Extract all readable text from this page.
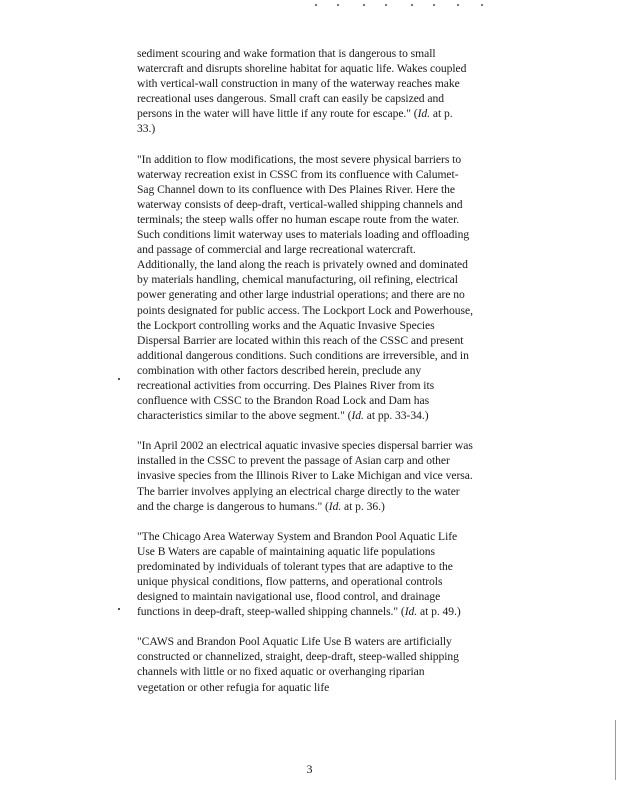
sediment scouring and wake formation that is dangerous to small watercraft and disrupts shoreline habitat for aquatic life. Wakes coupled with vertical-wall construction in many of the waterway reaches make recreational uses dangerous. Small craft can easily be capsized and persons in the water will have little if any route for escape." (Id. at p. 33.)

"In addition to flow modifications, the most severe physical barriers to waterway recreation exist in CSSC from its confluence with Calumet-Sag Channel down to its confluence with Des Plaines River. Here the waterway consists of deep-draft, vertical-walled shipping channels and terminals; the steep walls offer no human escape route from the water. Such conditions limit waterway uses to materials loading and offloading and passage of commercial and large recreational watercraft. Additionally, the land along the reach is privately owned and dominated by materials handling, chemical manufacturing, oil refining, electrical power generating and other large industrial operations; and there are no points designated for public access. The Lockport Lock and Powerhouse, the Lockport controlling works and the Aquatic Invasive Species Dispersal Barrier are located within this reach of the CSSC and present additional dangerous conditions. Such conditions are irreversible, and in combination with other factors described herein, preclude any recreational activities from occurring. Des Plaines River from its confluence with CSSC to the Brandon Road Lock and Dam has characteristics similar to the above segment." (Id. at pp. 33-34.)

"In April 2002 an electrical aquatic invasive species dispersal barrier was installed in the CSSC to prevent the passage of Asian carp and other invasive species from the Illinois River to Lake Michigan and vice versa. The barrier involves applying an electrical charge directly to the water and the charge is dangerous to humans." (Id. at p. 36.)

"The Chicago Area Waterway System and Brandon Pool Aquatic Life Use B Waters are capable of maintaining aquatic life populations predominated by individuals of tolerant types that are adaptive to the unique physical conditions, flow patterns, and operational controls designed to maintain navigational use, flood control, and drainage functions in deep-draft, steep-walled shipping channels." (Id. at p. 49.)

"CAWS and Brandon Pool Aquatic Life Use B waters are artificially constructed or channelized, straight, deep-draft, steep-walled shipping channels with little or no fixed aquatic or overhanging riparian vegetation or other refugia for aquatic life

3
